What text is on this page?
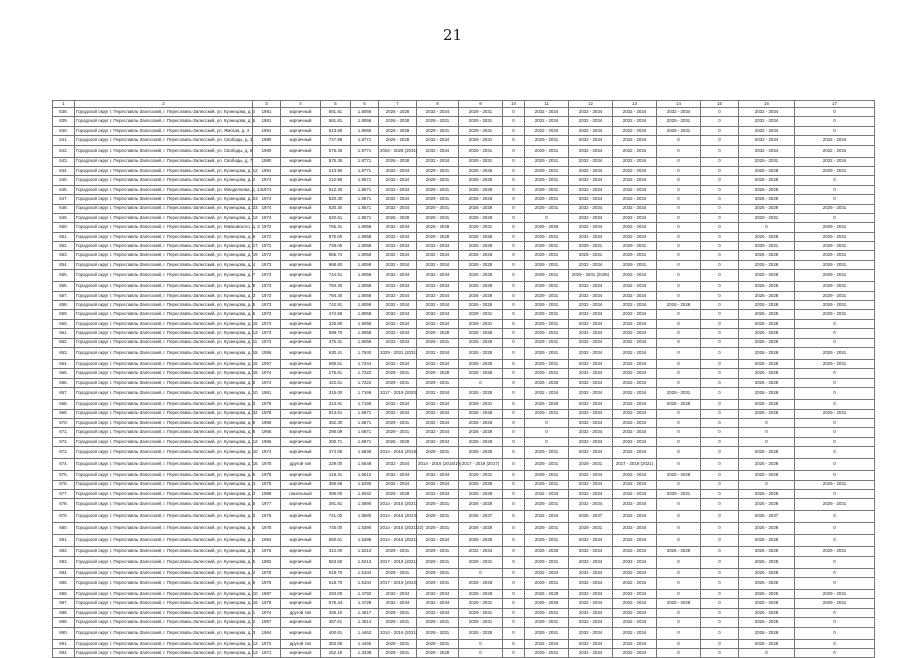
21
1	2	3	4	5	6	7	8	9	10	11	12	13	14	15	16	17
638.	Городской округ г. Переславль-Залесский, г. Переславль-Залесский, ул. Кузнецова, д. 4	1981	кирпичный	581.81	1.8066	2026 - 2028	2032 - 2034	2029 - 2031	0	2032 - 2034	2032 - 2034	2032 - 2034	2032 - 2034	0	2032 - 2034	0
639.	Городской округ г. Переславль-Залесский, г. Переславль-Залесский, ул. Кузнецова, д. 6	1981	кирпичный	581.81	1.8066	2026 - 2028	2029 - 2031	2029 - 2031	0	2032 - 2034	2032 - 2034	2032 - 2034	2029 - 2031	0	2032 - 2034	0
640.	Городской округ г. Переславль-Залесский, г. Переславль-Залесский, ул. Ямская, д. 4	1981	кирпичный	513.80	1.8066	2026 - 2028	2029 - 2031	2029 - 2031	0	2032 - 2034	2032 - 2034	2032 - 2034	2029 - 2031	0	2032 - 2034	0
641.	Городской округ г. Переславль-Залесский, г. Переславль-Залесский, ул. Свободы, д. 3	1980	кирпичный	727.99	1.8771	2026 - 2028	2032 - 2034	2029 - 2031	0	2029 - 2031	2032 - 2034	2032 - 2034	0	0	2032 - 2034	2032 - 2034
642.	Городской округ г. Переславль-Залесский, г. Переславль-Залесский, ул. Свободы, д. 5	1980	кирпичный	576.36	1.8771	2026 - 2028 (2031)	2032 - 2034	2029 - 2031	0	2029 - 2031	2032 - 2034	2032 - 2034	0	0	2032 - 2034	2032 - 2034
643.	Городской округ г. Переславль-Залесский, г. Переславль-Залесский, ул. Свободы, д. 7	1980	кирпичный	576.36	1.8771	2026 - 2028	2032 - 2034	2029 - 2031	0	2029 - 2031	2032 - 2034	2032 - 2034	0	0	2029 - 2031	2032 - 2034
644.	Городской округ г. Переславль-Залесский, г. Переславль-Залесский, ул. Кузнецова, д. 12	1981	кирпичный	213.90	1.8771	2032 - 2034	2029 - 2031	2026 - 2028	0	2029 - 2031	2032 - 2034	2032 - 2034	0	0	2026 - 2028	2029 - 2031
645.	Городской округ г. Переславль-Залесский, г. Переславль-Залесский, ул. Кузнецова, д. 2	1974	кирпичный	212.90	1.8571	2032 - 2034	2029 - 2031	2026 - 2028	0	2029 - 2031	2032 - 2034	2032 - 2034	0	0	2026 - 2028	0
646.	Городской округ г. Переславль-Залесский, г. Переславль-Залесский, ул. Менделеева, д. 14	1974	кирпичный	512.40	1.8571	2032 - 2034	2029 - 2031	2026 - 2028	0	2029 - 2031	2032 - 2034	2032 - 2034	0	0	2026 - 2028	0
647.	Городской округ г. Переславль-Залесский, г. Переславль-Залесский, ул. Кузнецова, д. 23	1974	кирпичный	520.30	1.8571	2032 - 2034	2029 - 2031	2026 - 2028	0	2029 - 2031	2032 - 2034	2032 - 2034	0	0	2026 - 2028	0
648.	Городской округ г. Переславль-Залесский, г. Переславль-Залесский, ул. Кузнецова, д. 23	1974	кирпичный	520.30	1.8571	2032 - 2034	2029 - 2031	2026 - 2028	0	2029 - 2031	2032 - 2034	2032 - 2034	0	0	2026 - 2028	2029 - 2031
649.	Городской округ г. Переславль-Залесский, г. Переславль-Залесский, ул. Кузнецова, д. 12	1974	кирпичный	520.61	1.8571	2026 - 2028	2029 - 2031	2026 - 2028	0	0	2032 - 2034	2032 - 2034	0	0	2029 - 2031	0
650.	Городской округ г. Переславль-Залесский, г. Переславль-Залесский, ул. Маяковского, д. 3	1972	кирпичный	755.31	1.8058	2032 - 2034	2026 - 2028	2029 - 2031	0	2026 - 2028	2032 - 2034	2032 - 2034	0	0	0	2029 - 2031
651.	Городской округ г. Переславль-Залесский, г. Переславль-Залесский, ул. Кузнецова, д. 9	1972	кирпичный	875.00	1.8058	2032 - 2034	2026 - 2028	2026 - 2028	0	2029 - 2031	2032 - 2034	2032 - 2034	0	0	2026 - 2028	2029 - 2031
652.	Городской округ г. Переславль-Залесский, г. Переславль-Залесский, ул. Кузнецова, д. 17	1972	кирпичный	749.06	1.8058	2032 - 2034	2032 - 2034	2026 - 2028	0	2029 - 2031	2029 - 2031	2029 - 2031	0	0	2029 - 2031	2029 - 2031
653.	Городской округ г. Переславль-Залесский, г. Переславль-Залесский, ул. Кузнецова, д. 19	1972	кирпичный	865.74	1.8058	2032 - 2034	2032 - 2034	2026 - 2028	0	2029 - 2031	2029 - 2031	2029 - 2031	0	0	2026 - 2028	2029 - 2031
654.	Городской округ г. Переславль-Залесский, г. Переславль-Залесский, ул. Кузнецова, д. 4	1973	кирпичный	968.60	1.8058	2032 - 2034	2032 - 2034	2026 - 2028	0	2029 - 2031	2032 - 2034	2029 - 2031	0	0	2026 - 2028	2029 - 2031
655.	Городской округ г. Переславль-Залесский, г. Переславль-Залесский, ул. Кузнецова, д. 7	1973	кирпичный	744.51	1.8058	2032 - 2034	2032 - 2034	2026 - 2028	0	2029 - 2031	2029 - 2031 (2025)	2032 - 2034	0	0	2026 - 2028	2029 - 2031
656.	Городской округ г. Переславль-Залесский, г. Переславль-Залесский, ул. Кузнецова, д. 9	1973	кирпичный	794.40	1.8058	2032 - 2034	2032 - 2034	2026 - 2028	0	2029 - 2031	2032 - 2034	2032 - 2034	0	0	2026 - 2028	2029 - 2031
657.	Городской округ г. Переславль-Залесский, г. Переславль-Залесский, ул. Кузнецова, д. 3	1973	кирпичный	794.40	1.8058	2032 - 2034	2032 - 2034	2026 - 2028	0	2029 - 2031	2032 - 2034	2032 - 2034	0	0	2026 - 2028	2029 - 2031
658.	Городской округ г. Переславль-Залесский, г. Переславль-Залесский, ул. Кузнецова, д. 5	1973	кирпичный	742.91	1.8058	2032 - 2034	2032 - 2034	2026 - 2028	0	2029 - 2031	2032 - 2034	2032 - 2034	2026 - 2028	0	2026 - 2028	2029 - 2031
659.	Городской округ г. Переславль-Залесский, г. Переславль-Залесский, ул. Кузнецова, д. 6	1973	кирпичный	474.59	1.8058	2032 - 2034	2032 - 2034	2029 - 2031	0	2029 - 2031	2032 - 2034	2032 - 2034	0	0	2026 - 2028	2029 - 2031
660.	Городской округ г. Переславль-Залесский, г. Переславль-Залесский, ул. Кузнецова, д. 15	1973	кирпичный	225.80	1.8058	2032 - 2034	2032 - 2034	2029 - 2031	0	2029 - 2031	2032 - 2034	2032 - 2034	0	0	2026 - 2028	0
661.	Городской округ г. Переславль-Залесский, г. Переславль-Залесский, ул. Кузнецова, д. 13	1973	кирпичный	598.70	1.8058	2032 - 2034	2026 - 2028	2026 - 2028	0	2029 - 2031	2032 - 2034	2032 - 2034	0	0	2026 - 2028	0
662.	Городской округ г. Переславль-Залесский, г. Переславль-Залесский, ул. Кузнецова, д. 11	1973	кирпичный	375.31	1.8058	2032 - 2034	2029 - 2031	2026 - 2028	0	2029 - 2031	2032 - 2034	2032 - 2034	0	0	2026 - 2028	0
663.	Городской округ г. Переславль-Залесский, г. Переславль-Залесский, ул. Кузнецова, д. 15	1956	кирпичный	630.41	1.7640	2029 - 2031 (2031)	2032 - 2034	2026 - 2028	0	2029 - 2031	2032 - 2034	2032 - 2034	0	0	2026 - 2028	2029 - 2031
664.	Городской округ г. Переславль-Залесский, г. Переславль-Залесский, ул. Кузнецова, д. 15	1957	кирпичный	695.51	1.7344	2032 - 2034	2032 - 2034	2026 - 2028	0	2029 - 2031	2032 - 2034	2032 - 2034	0	0	2026 - 2028	2029 - 2031
665.	Городской округ г. Переславль-Залесский, г. Переславль-Залесский, ул. Кузнецова, д. 15	1974	кирпичный	275.61	1.7222	2029 - 2031	2026 - 2028	2026 - 2028	0	2029 - 2031	2032 - 2034	2032 - 2034	0	0	2026 - 2028	0
666.	Городской округ г. Переславль-Залесский, г. Переславль-Залесский, ул. Кузнецова, д. 5	1974	кирпичный	422.51	1.7222	2029 - 2031	2029 - 2031	0	0	2026 - 2028	2032 - 2034	2032 - 2034	0	0	2026 - 2028	0
667.	Городской округ г. Переславль-Залесский, г. Переславль-Залесский, ул. Кузнецова, д. 10	1961	кирпичный	315.00	1.7169	2017 - 2019 (2020)	2032 - 2034	2026 - 2028	0	2032 - 2034	2032 - 2034	2032 - 2034	2029 - 2031	0	2026 - 2028	0
668.	Городской округ г. Переславль-Залесский, г. Переславль-Залесский, ул. Кузнецова, д. 3	1978	кирпичный	313.91	1.7169	2032 - 2034	2032 - 2034	2029 - 2031	0	2026 - 2028	2032 - 2034	2032 - 2034	2026 - 2028	0	2026 - 2028	0
669.	Городской округ г. Переславль-Залесский, г. Переславль-Залесский, ул. Кузнецова, д. 32	1978	кирпичный	813.61	1.6871	2032 - 2034	2032 - 2034	2026 - 2028	0	2029 - 2031	2032 - 2034	2032 - 2034	0	0	2026 - 2028	2029 - 2031
670.	Городской округ г. Переславль-Залесский, г. Переславль-Залесский, ул. Кузнецова, д. 6	1966	кирпичный	352.30	1.6871	2029 - 2031	2032 - 2034	2026 - 2028	0	0	2032 - 2034	2032 - 2034	0	0	0	0
671.	Городской округ г. Переславль-Залесский, г. Переславль-Залесский, ул. Кузнецова, д. 8	1966	кирпичный	290.09	1.6871	2029 - 2031	2032 - 2034	2026 - 2028	0	0	2032 - 2034	2032 - 2034	0	0	0	0
672.	Городской округ г. Переславль-Залесский, г. Переславль-Залесский, ул. Кузнецова, д. 12	1966	кирпичный	300.71	1.6871	2026 - 2028	2032 - 2034	2026 - 2028	0	0	2032 - 2034	2032 - 2034	0	0	0	0
673.	Городской округ г. Переславль-Залесский, г. Переславль-Залесский, ул. Кузнецова, д. 10	1974	кирпичный	374.69	1.6849	2014 - 2016 (2019)	2029 - 2031	2026 - 2028	0	2029 - 2031	2032 - 2034	2032 - 2034	0	0	2026 - 2028	0
674.	Городской округ г. Переславль-Залесский, г. Переславль-Залесский, ул. Кузнецова, д. 15	1975	другой тип	229.00	1.6648	2032 - 2034	2014 - 2016 (2016/19)	2017 - 2019 (2017)	0	2029 - 2031	2029 - 2031	2017 - 2019 (2021)	0	0	2026 - 2028	0
675.	Городской округ г. Переславль-Залесский, г. Переславль-Залесский, ул. Кузнецова, д. 5	1975	кирпичный	418.31	1.6612	2032 - 2034	2032 - 2034	2029 - 2031	0	2029 - 2031	2032 - 2034	2032 - 2034	2026 - 2028	0	2026 - 2028	0
676.	Городской округ г. Переславль-Залесский, г. Переславль-Залесский, ул. Кузнецова, д. 3	1975	кирпичный	365.68	1.6290	2032 - 2034	2032 - 2034	2026 - 2028	0	2029 - 2031	2032 - 2034	2032 - 2034	0	0	0	2029 - 2031
677.	Городской округ г. Переславль-Залесский, г. Переславль-Залесский, ул. Кузнецова, д. 3	1989	панельный	396.00	1.6042	2026 - 2028	2032 - 2034	2026 - 2028	0	2032 - 2034	2032 - 2034	2032 - 2034	2029 - 2031	0	2026 - 2028	0
678.	Городской округ г. Переславль-Залесский, г. Переславль-Залесский, ул. Кузнецова, д. 5	1977	кирпичный	291.81	1.5890	2014 - 2016 (2021)	2029 - 2031	2026 - 2028	0	2029 - 2031	2032 - 2034	2032 - 2034	0	0	2026 - 2028	2029 - 2031
679.	Городской округ г. Переславль-Залесский, г. Переславль-Залесский, ул. Кузнецова, д. 3	1976	кирпичный	741.00	1.5580	2014 - 2016 (2023)	2029 - 2031	2035 - 2037	0	2032 - 2034	2035 - 2037	2032 - 2034	0	0	2035 - 2037	0
680.	Городской округ г. Переславль-Залесский, г. Переславль-Залесский, ул. Кузнецова, д. 6	1975	кирпичный	745.00	1.5390	2014 - 2016 (2021/22)	2029 - 2031	2026 - 2028	0	2029 - 2031	2029 - 2031	2032 - 2034	0	0	2026 - 2028	0
681.	Городской округ г. Переславль-Залесский, г. Переславль-Залесский, ул. Кузнецова, д. 2	1984	кирпичный	560.61	1.5288	2014 - 2016 (2021)	2032 - 2034	2026 - 2028	0	2029 - 2031	2032 - 2034	2032 - 2034	0	0	2026 - 2028	0
682.	Городской округ г. Переславль-Залесский, г. Переславль-Залесский, ул. Кузнецова, д. 3	1976	кирпичный	312.00	1.5213	2029 - 2031	2029 - 2031	2032 - 2034	0	2026 - 2028	2032 - 2034	2032 - 2034	2026 - 2028	0	2026 - 2028	2029 - 2031
683.	Городской округ г. Переславль-Залесский, г. Переславль-Залесский, ул. Кузнецова, д. 5	1982	кирпичный	563.60	1.5213	2017 - 2019 (2021)	2029 - 2031	2029 - 2031	0	2029 - 2031	2032 - 2034	2032 - 2034	0	0	2026 - 2028	0
684.	Городской округ г. Переславль-Залесский, г. Переславль-Залесский, ул. Кузнецова, д. 2	1975	кирпичный	618.70	1.5104	2029 - 2031	2029 - 2031	0	0	2032 - 2034	2032 - 2034	2032 - 2034	0	0	2026 - 2028	0
685.	Городской округ г. Переславль-Залесский, г. Переславль-Залесский, ул. Кузнецова, д. 6	1975	кирпичный	618.70	1.5104	2017 - 2019 (2022)	2029 - 2031	2026 - 2028	0	2029 - 2031	2032 - 2034	2032 - 2034	0	0	2026 - 2028	0
686.	Городской округ г. Переславль-Залесский, г. Переславль-Залесский, ул. Кузнецова, д. 10	1987	кирпичный	293.00	1.4792	2032 - 2034	2032 - 2034	2026 - 2028	0	2026 - 2028	2032 - 2034	2032 - 2034	0	0	2026 - 2028	2029 - 2031
687.	Городской округ г. Переславль-Залесский, г. Переславль-Залесский, ул. Кузнецова, д. 16	1978	кирпичный	976.44	1.4728	2032 - 2034	2032 - 2034	2029 - 2031	0	2026 - 2028	2032 - 2034	2032 - 2034	2026 - 2028	0	2026 - 2028	2029 - 2031
688.	Городской округ г. Переславль-Залесский, г. Переславль-Залесский, ул. Кузнецова, д. 1	1974	другой тип	265.10	1.4617	2029 - 2031	2032 - 2034	2029 - 2031	0	2029 - 2031	2032 - 2034	2032 - 2034	0	0	2026 - 2028	0
689.	Городской округ г. Переславль-Залесский, г. Переславль-Залесский, ул. Кузнецова, д. 2	1967	кирпичный	367.61	1.4514	2029 - 2031	2029 - 2031	2029 - 2031	0	2029 - 2031	2032 - 2034	2032 - 2034	0	0	2026 - 2028	0
690.	Городской округ г. Переславль-Залесский, г. Переславль-Залесский, ул. Кузнецова, д. 3	1964	кирпичный	400.61	1.4462	2014 - 2016 (2021)	2029 - 2031	2026 - 2028	0	2029 - 2031	2032 - 2034	2032 - 2034	0	0	2026 - 2028	0
691.	Городской округ г. Переславль-Залесский, г. Переславль-Залесский, ул. Кузнецова, д. 12	1972	другой тип	383.69	1.4460	2029 - 2031	2029 - 2031	0	0	2032 - 2034	2032 - 2034	2032 - 2034	0	0	2026 - 2028	0
692.	Городской округ г. Переславль-Залесский, г. Переславль-Залесский, ул. Кузнецова, д. 13	1971	кирпичный	262.19	1.3438	2029 - 2031	2026 - 2028	0	0	2029 - 2031	2032 - 2034	2032 - 2034	0	0	0	0
